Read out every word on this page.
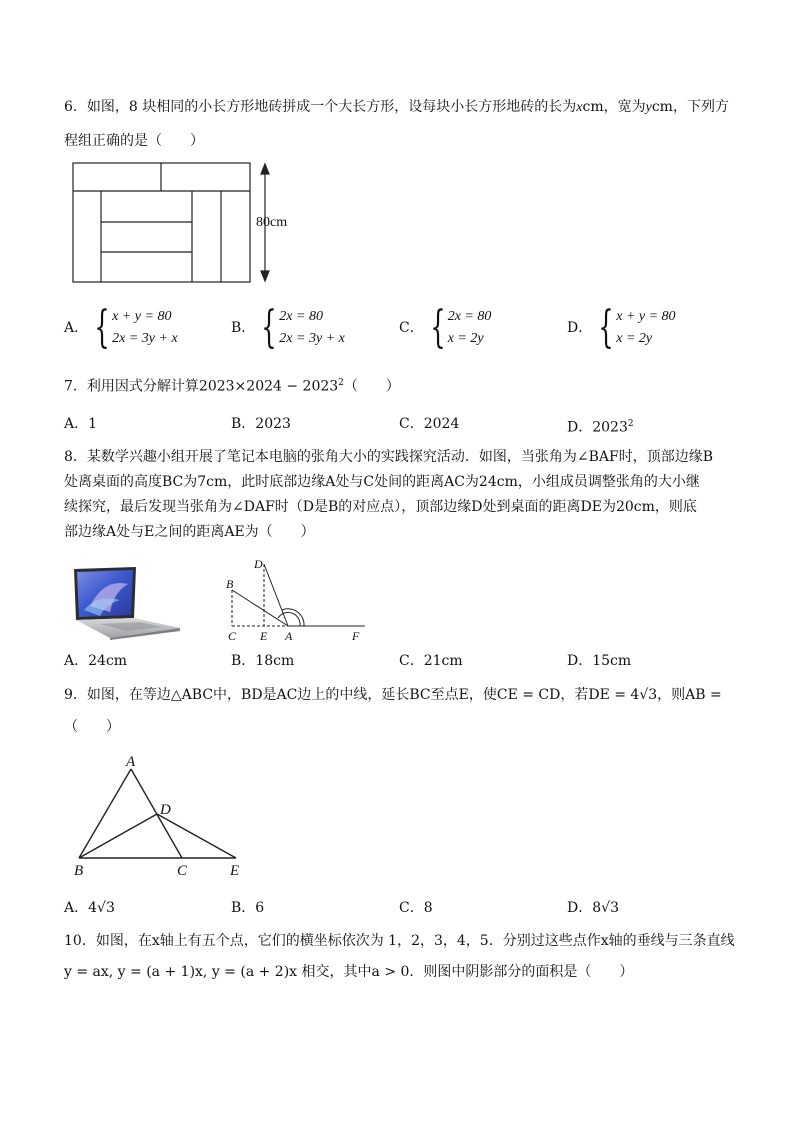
6．如图，8 块相同的小长方形地砖拼成一个大长方形，设每块小长方形地砖的长为xcm，宽为ycm，下列方
程组正确的是（　　）
80cm
A． { x + y = 80
2x = 3y + x
B． { 2x = 80
2x = 3y + x
C． { 2x = 80
x = 2y
D． { x + y = 80
x = 2y
7．利用因式分解计算$2023\times 2024 - 2023^2$（　　）
A．1	B．2023	C．2024	D．2023$^2$
8．某数学兴趣小组开展了笔记本电脑的张角大小的实践探究活动．如图，当张角为∠BAF时，顶部边缘B
处离桌面的高度BC为7cm，此时底部边缘A处与C处间的距离AC为24cm，小组成员调整张角的大小继
续探究，最后发现当张角为∠DAF时（D是B的对应点），顶部边缘D处到桌面的距离DE为20cm，则底
部边缘A处与E之间的距离AE为（　　）
B
D
C E A	F
A．24cm	B．18cm	C．21cm	D．15cm
9．如图，在等边△ABC中，BD是AC边上的中线，延长BC至点E，使CE = CD，若DE = 4√3，则AB =
（　　）
A
B	C
D
E
A．4√3	B．6	C．8	D．8√3
10．如图，在x轴上有五个点，它们的横坐标依次为 1，2，3，4，5．分别过这些点作x轴的垂线与三条直线
y = ax, y = (a + 1)x, y = (a + 2)x 相交，其中a > 0．则图中阴影部分的面积是（　　）
